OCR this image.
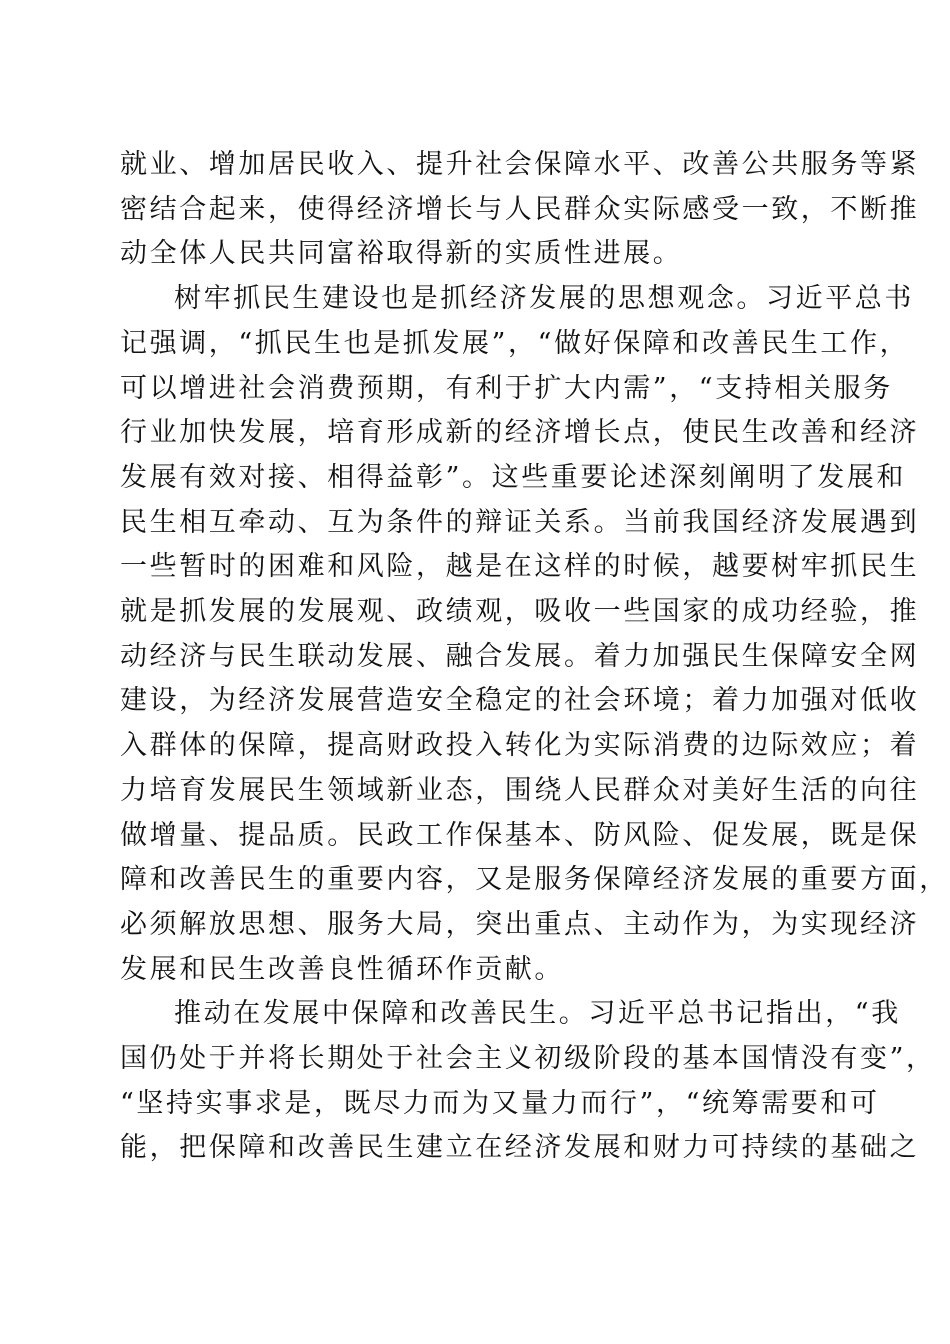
就业、增加居民收入、提升社会保障水平、改善公共服务等紧
密结合起来，使得经济增长与人民群众实际感受一致，不断推
动全体人民共同富裕取得新的实质性进展。

树牢抓民生建设也是抓经济发展的思想观念。习近平总书
记强调，“抓民生也是抓发展”，“做好保障和改善民生工作，
可以增进社会消费预期，有利于扩大内需”，“支持相关服务
行业加快发展，培育形成新的经济增长点，使民生改善和经济
发展有效对接、相得益彰”。这些重要论述深刻阐明了发展和
民生相互牵动、互为条件的辩证关系。当前我国经济发展遇到
一些暂时的困难和风险，越是在这样的时候，越要树牢抓民生
就是抓发展的发展观、政绩观，吸收一些国家的成功经验，推
动经济与民生联动发展、融合发展。着力加强民生保障安全网
建设，为经济发展营造安全稳定的社会环境；着力加强对低收
入群体的保障，提高财政投入转化为实际消费的边际效应；着
力培育发展民生领域新业态，围绕人民群众对美好生活的向往
做增量、提品质。民政工作保基本、防风险、促发展，既是保
障和改善民生的重要内容，又是服务保障经济发展的重要方面，
必须解放思想、服务大局，突出重点、主动作为，为实现经济
发展和民生改善良性循环作贡献。

推动在发展中保障和改善民生。习近平总书记指出，“我
国仍处于并将长期处于社会主义初级阶段的基本国情没有变”，
“坚持实事求是，既尽力而为又量力而行”，“统筹需要和可
能，把保障和改善民生建立在经济发展和财力可持续的基础之
